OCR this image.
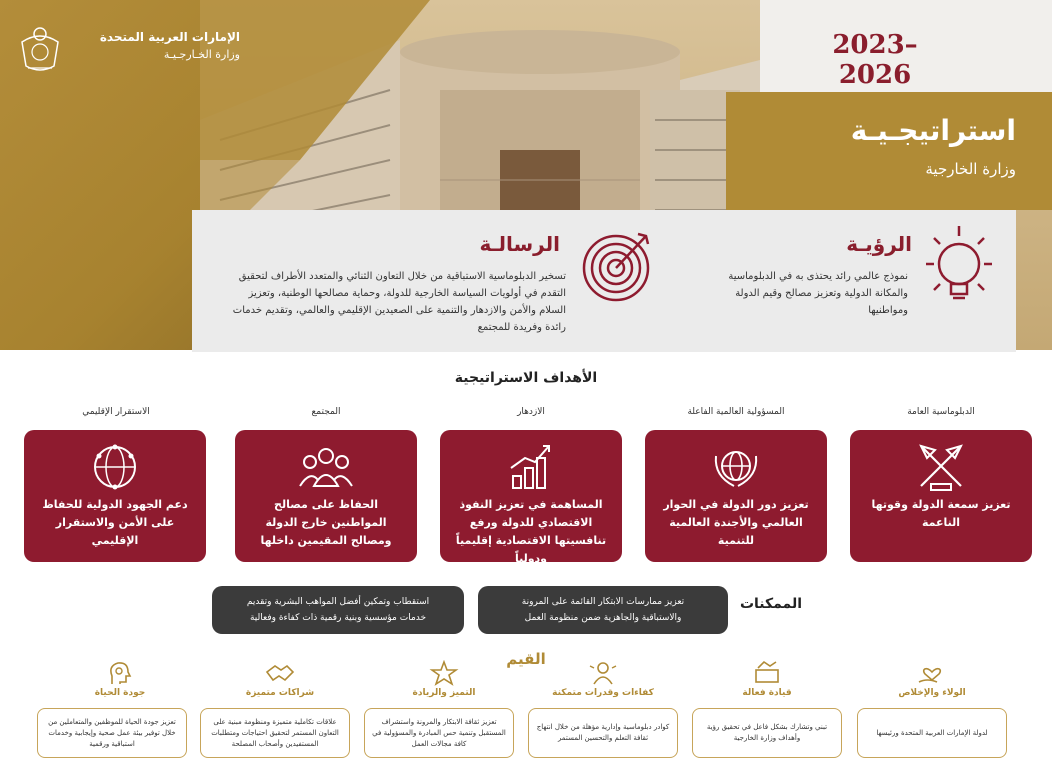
الإمارات العربية المتحدة
وزارة الخـارجـيـة	2023–2026
استراتيجـيـة
وزارة الخارجية
الرسالـة
تسخير الدبلوماسية الاستباقية من خلال التعاون الثنائي والمتعدد الأطراف لتحقيق التقدم في أولويات السياسة الخارجية للدولة، وحماية مصالحها الوطنية، وتعزيز السلام والأمن والازدهار والتنمية على الصعيدين الإقليمي والعالمي، وتقديم خدمات رائدة وفريدة للمجتمع
الرؤيـة
نموذج عالمي رائد يحتذى به في الدبلوماسية والمكانة الدولية وتعزيز مصالح وقيم الدولة ومواطنيها
الأهداف الاستراتيجية
الدبلوماسية العامة
تعزيز سمعة الدولة وقوتها الناعمة
المسؤولية العالمية الفاعلة
تعزيز دور الدولة في الحوار العالمي والأجندة العالمية للتنمية
الازدهار
المساهمة في تعزيز النفوذ الاقتصادي للدولة ورفع تنافسيتها الاقتصادية إقليمياً ودولياً
المجتمع
الحفاظ على مصالح المواطنين خارج الدولة ومصالح المقيمين داخلها
الاستقرار الإقليمي
دعم الجهود الدولية للحفاظ على الأمن والاستقرار الإقليمي
الممكنات
تعزيز ممارسات الابتكار القائمة على المرونة
والاستباقية والجاهزية ضمن منظومة العمل
استقطاب وتمكين أفضل المواهب البشرية وتقديم
خدمات مؤسسية وبنية رقمية ذات كفاءة وفعالية
القيم
الولاء والإخلاص
لدولة الإمارات العربية المتحدة ورئيسها
قيادة فعالة
تبني وتشارك بشكل فاعل في تحقيق رؤية وأهداف وزارة الخارجية
كفاءات وقدرات متمكنة
كوادر دبلوماسية وإدارية مؤهلة من خلال انتهاج ثقافة التعلم والتحسين المستمر
التميز والريادة
تعزيز ثقافة الابتكار والمرونة واستشراف المستقبل وتنمية حس المبادرة والمسؤولية في كافة مجالات العمل
شراكات متميزة
علاقات تكاملية متميزة ومنظومة مبنية على التعاون المستمر لتحقيق احتياجات ومتطلبات المستفيدين وأصحاب المصلحة
جودة الحياة
تعزيز جودة الحياة للموظفين والمتعاملين من خلال توفير بيئة عمل صحية وإيجابية وخدمات استباقية ورقمية
